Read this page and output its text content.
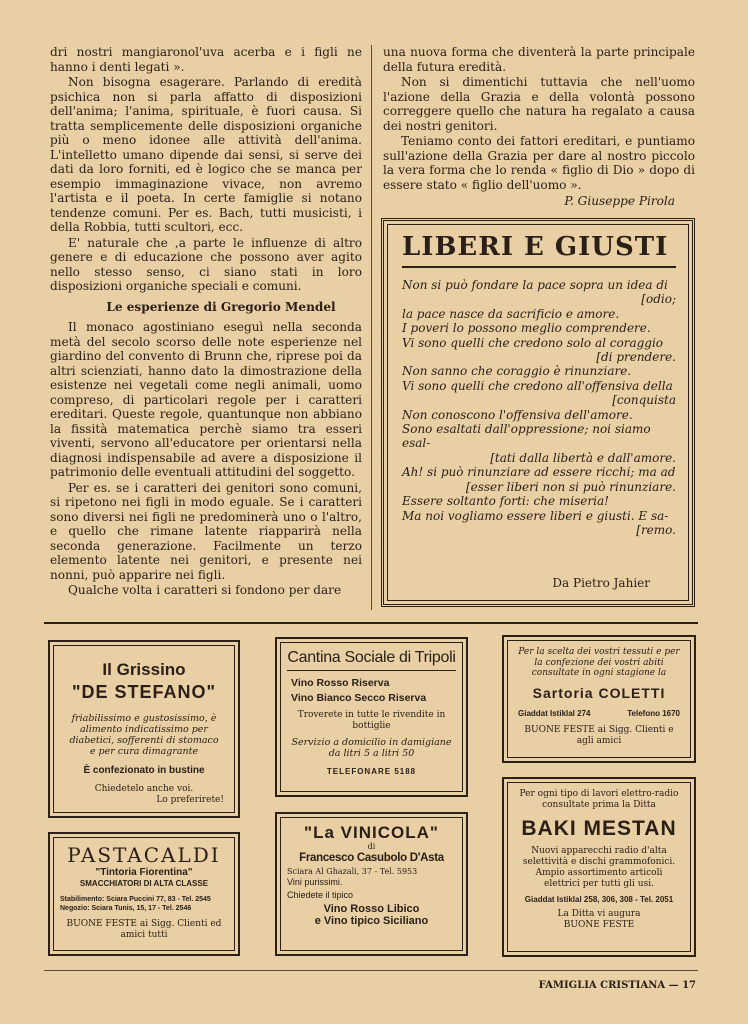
dri nostri mangiaronol'uva acerba e i figli ne hanno i denti legati ».

Non bisogna esagerare. Parlando di eredità psichica non si parla affatto di disposizioni dell'anima; l'anima, spirituale, è fuori causa. Si tratta semplicemente delle disposizioni organiche più o meno idonee alle attività dell'anima. L'intelletto umano dipende dai sensi, si serve dei dati da loro forniti, ed è logico che se manca per esempio immaginazione vivace, non avremo l'artista e il poeta. In certe famiglie si notano tendenze comuni. Per es. Bach, tutti musicisti, i della Robbia, tutti scultori, ecc.

E' naturale che ,a parte le influenze di altro genere e di educazione che possono aver agito nello stesso senso, ci siano stati in loro disposizioni organiche speciali e comuni.

Le esperienze di Gregorio Mendel

Il monaco agostiniano eseguì nella seconda metà del secolo scorso delle note esperienze nel giardino del convento di Brunn che, riprese poi da altri scienziati, hanno dato la dimostrazione della esistenze nei vegetali come negli animali, uomo compreso, di particolari regole per i caratteri ereditari. Queste regole, quantunque non abbiano la fissità matematica perchè siamo tra esseri viventi, servono all'educatore per orientarsi nella diagnosi indispensabile ad avere a disposizione il patrimonio delle eventuali attitudini del soggetto.

Per es. se i caratteri dei genitori sono comuni, si ripetono nei figli in modo eguale. Se i caratteri sono diversi nei figli ne predominerà uno o l'altro, e quello che rimane latente riapparirà nella seconda generazione. Facilmente un terzo elemento latente nei genitori, e presente nei nonni, può apparire nei figli.

Qualche volta i caratteri si fondono per dare

una nuova forma che diventerà la parte principale della futura eredità.

Non si dimentichi tuttavia che nell'uomo l'azione della Grazia e della volontà possono correggere quello che natura ha regalato a causa dei nostri genitori.

Teniamo conto dei fattori ereditari, e puntiamo sull'azione della Grazia per dare al nostro piccolo la vera forma che lo renda « figlio di Dio » dopo di essere stato « figlio dell'uomo ».

P. Giuseppe Pirola
LIBERI E GIUSTI
Non si può fondare la pace sopra un idea di
[odio;
la pace nasce da sacrificio e amore.
I poveri lo possono meglio comprendere.
Vi sono quelli che credono solo al coraggio
[di prendere.
Non sanno che coraggio è rinunziare.
Vi sono quelli che credono all'offensiva della
[conquista
Non conoscono l'offensiva dell'amore.
Sono esaltati dall'oppressione; noi siamo esal-
[tati dalla libertà e dall'amore.
Ah! si può rinunziare ad essere ricchi; ma ad
[esser liberi non si può rinunziare.
Essere soltanto forti: che miseria!
Ma noi vogliamo essere liberi e giusti. E sa-
[remo.
Da Pietro Jahier
Il Grissino
"DE STEFANO"
friabilissimo e gustosissimo, è alimento indicatissimo per diabetici, sofferenti di stomaco e per cura dimagrante
È confezionato in bustine
Chiedetelo anche voi.
Lo preferirete!
Cantina Sociale di Tripoli
Vino Rosso Riserva
Vino Bianco Secco Riserva
Troverete in tutte le rivendite in bottiglie
Servizio a domicilio in damigiane da litri 5 a litri 50
TELEFONARE 5188
Per la scelta dei vostri tessuti e per la confezione dei vostri abiti consultate in ogni stagione la
Sartoria COLETTI
Giaddat Istiklal 274	Telefono 1670
BUONE FESTE ai Sigg. Clienti e agli amici
PASTACALDI
"Tintoria Fiorentina"
SMACCHIATORI DI ALTA CLASSE
Stabilimento: Sciara Puccini 77, 83 - Tel. 2545
Negozio: Sciara Tunis, 15, 17 - Tel. 2546
BUONE FESTE ai Sigg. Clienti ed amici tutti
"La VINICOLA"
di
Francesco Casubolo D'Asta
Sciara Al Ghazali, 37 - Tel. 5953
Vini purissimi.
Chiedete il tipico
Vino Rosso Libico
e Vino tipico Siciliano
Per ogni tipo di lavori elettro-radio consultate prima la Ditta
BAKI MESTAN
Nuovi apparecchi radio d'alta selettività e dischi grammofonici. Ampio assortimento articoli elettrici per tutti gli usi.
Giaddat Istiklal 258, 306, 308 - Tel. 2051
La Ditta vi augura
BUONE FESTE
FAMIGLIA CRISTIANA — 17
